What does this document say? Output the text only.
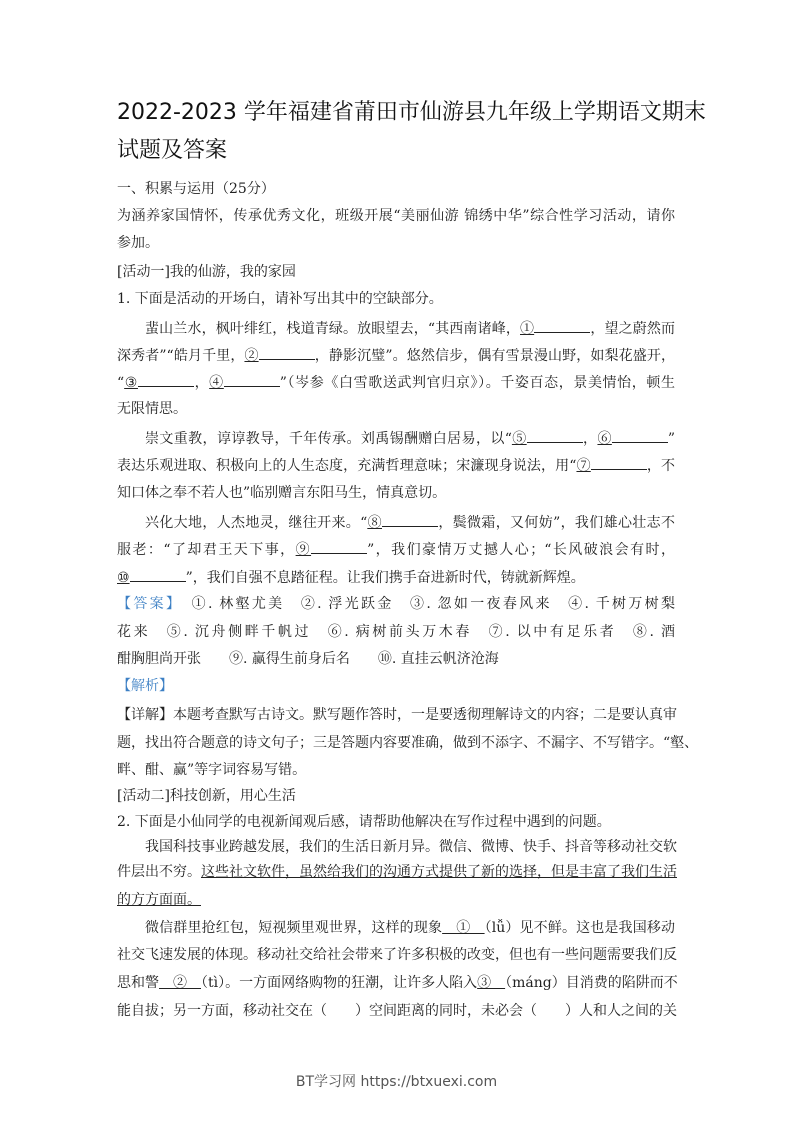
2022-2023 学年福建省莆田市仙游县九年级上学期语文期末
试题及答案
一、积累与运用（25分）
为涵养家国情怀，传承优秀文化，班级开展“美丽仙游 锦绣中华”综合性学习活动，请你
参加。
[活动一]我的仙游，我的家园
1. 下面是活动的开场白，请补写出其中的空缺部分。
蜚山兰水，枫叶绯红，栈道青绿。放眼望去，“其西南诸峰，①	，望之蔚然而
深秀者”“皓月千里，②	，静影沉璧”。悠然信步，偶有雪景漫山野，如梨花盛开，
“③	，④	”（岑参《白雪歌送武判官归京》）。千姿百态，景美情怡，顿生
无限情思。
崇文重教，谆谆教导，千年传承。刘禹锡酬赠白居易，以“⑤	，⑥	”
表达乐观进取、积极向上的人生态度，充满哲理意味；宋濂现身说法，用“⑦	，不
知口体之奉不若人也”临别赠言东阳马生，情真意切。
兴化大地，人杰地灵，继往开来。“⑧	，鬓微霜，又何妨”，我们雄心壮志不
服老：“了却君王天下事，⑨	”，我们豪情万丈撼人心；“长风破浪会有时，
⑩	”，我们自强不息踏征程。让我们携手奋进新时代，铸就新辉煌。
【答案】　①. 林壑尤美　②. 浮光跃金　③. 忽如一夜春风来　④. 千树万树梨
花来　⑤. 沉舟侧畔千帆过　⑥. 病树前头万木春　⑦. 以中有足乐者　⑧. 酒
酣胸胆尚开张　　⑨. 赢得生前身后名　　⑩. 直挂云帆济沧海
【解析】
【详解】本题考查默写古诗文。默写题作答时，一是要透彻理解诗文的内容；二是要认真审
题，找出符合题意的诗文句子；三是答题内容要准确，做到不添字、不漏字、不写错字。“壑、
畔、酣、赢”等字词容易写错。
[活动二]科技创新，用心生活
2. 下面是小仙同学的电视新闻观后感，请帮助他解决在写作过程中遇到的问题。
我国科技事业跨越发展，我们的生活日新月异。微信、微博、快手、抖音等移动社交软
件层出不穷。这些社文软件，虽然给我们的沟通方式提供了新的选择，但是丰富了我们生活
的方方面面。
微信群里抢红包，短视频里观世界，这样的现象　①　（lǚ）见不鲜。这也是我国移动
社交飞速发展的体现。移动社交给社会带来了许多积极的改变，但也有一些问题需要我们反
思和警　②　（tì）。一方面网络购物的狂潮，让许多人陷入③　（máng）目消费的陷阱而不
能自拔；另一方面，移动社交在（　　）空间距离的同时，未必会（　　）人和人之间的关
BT学习网 https://btxuexi.com
